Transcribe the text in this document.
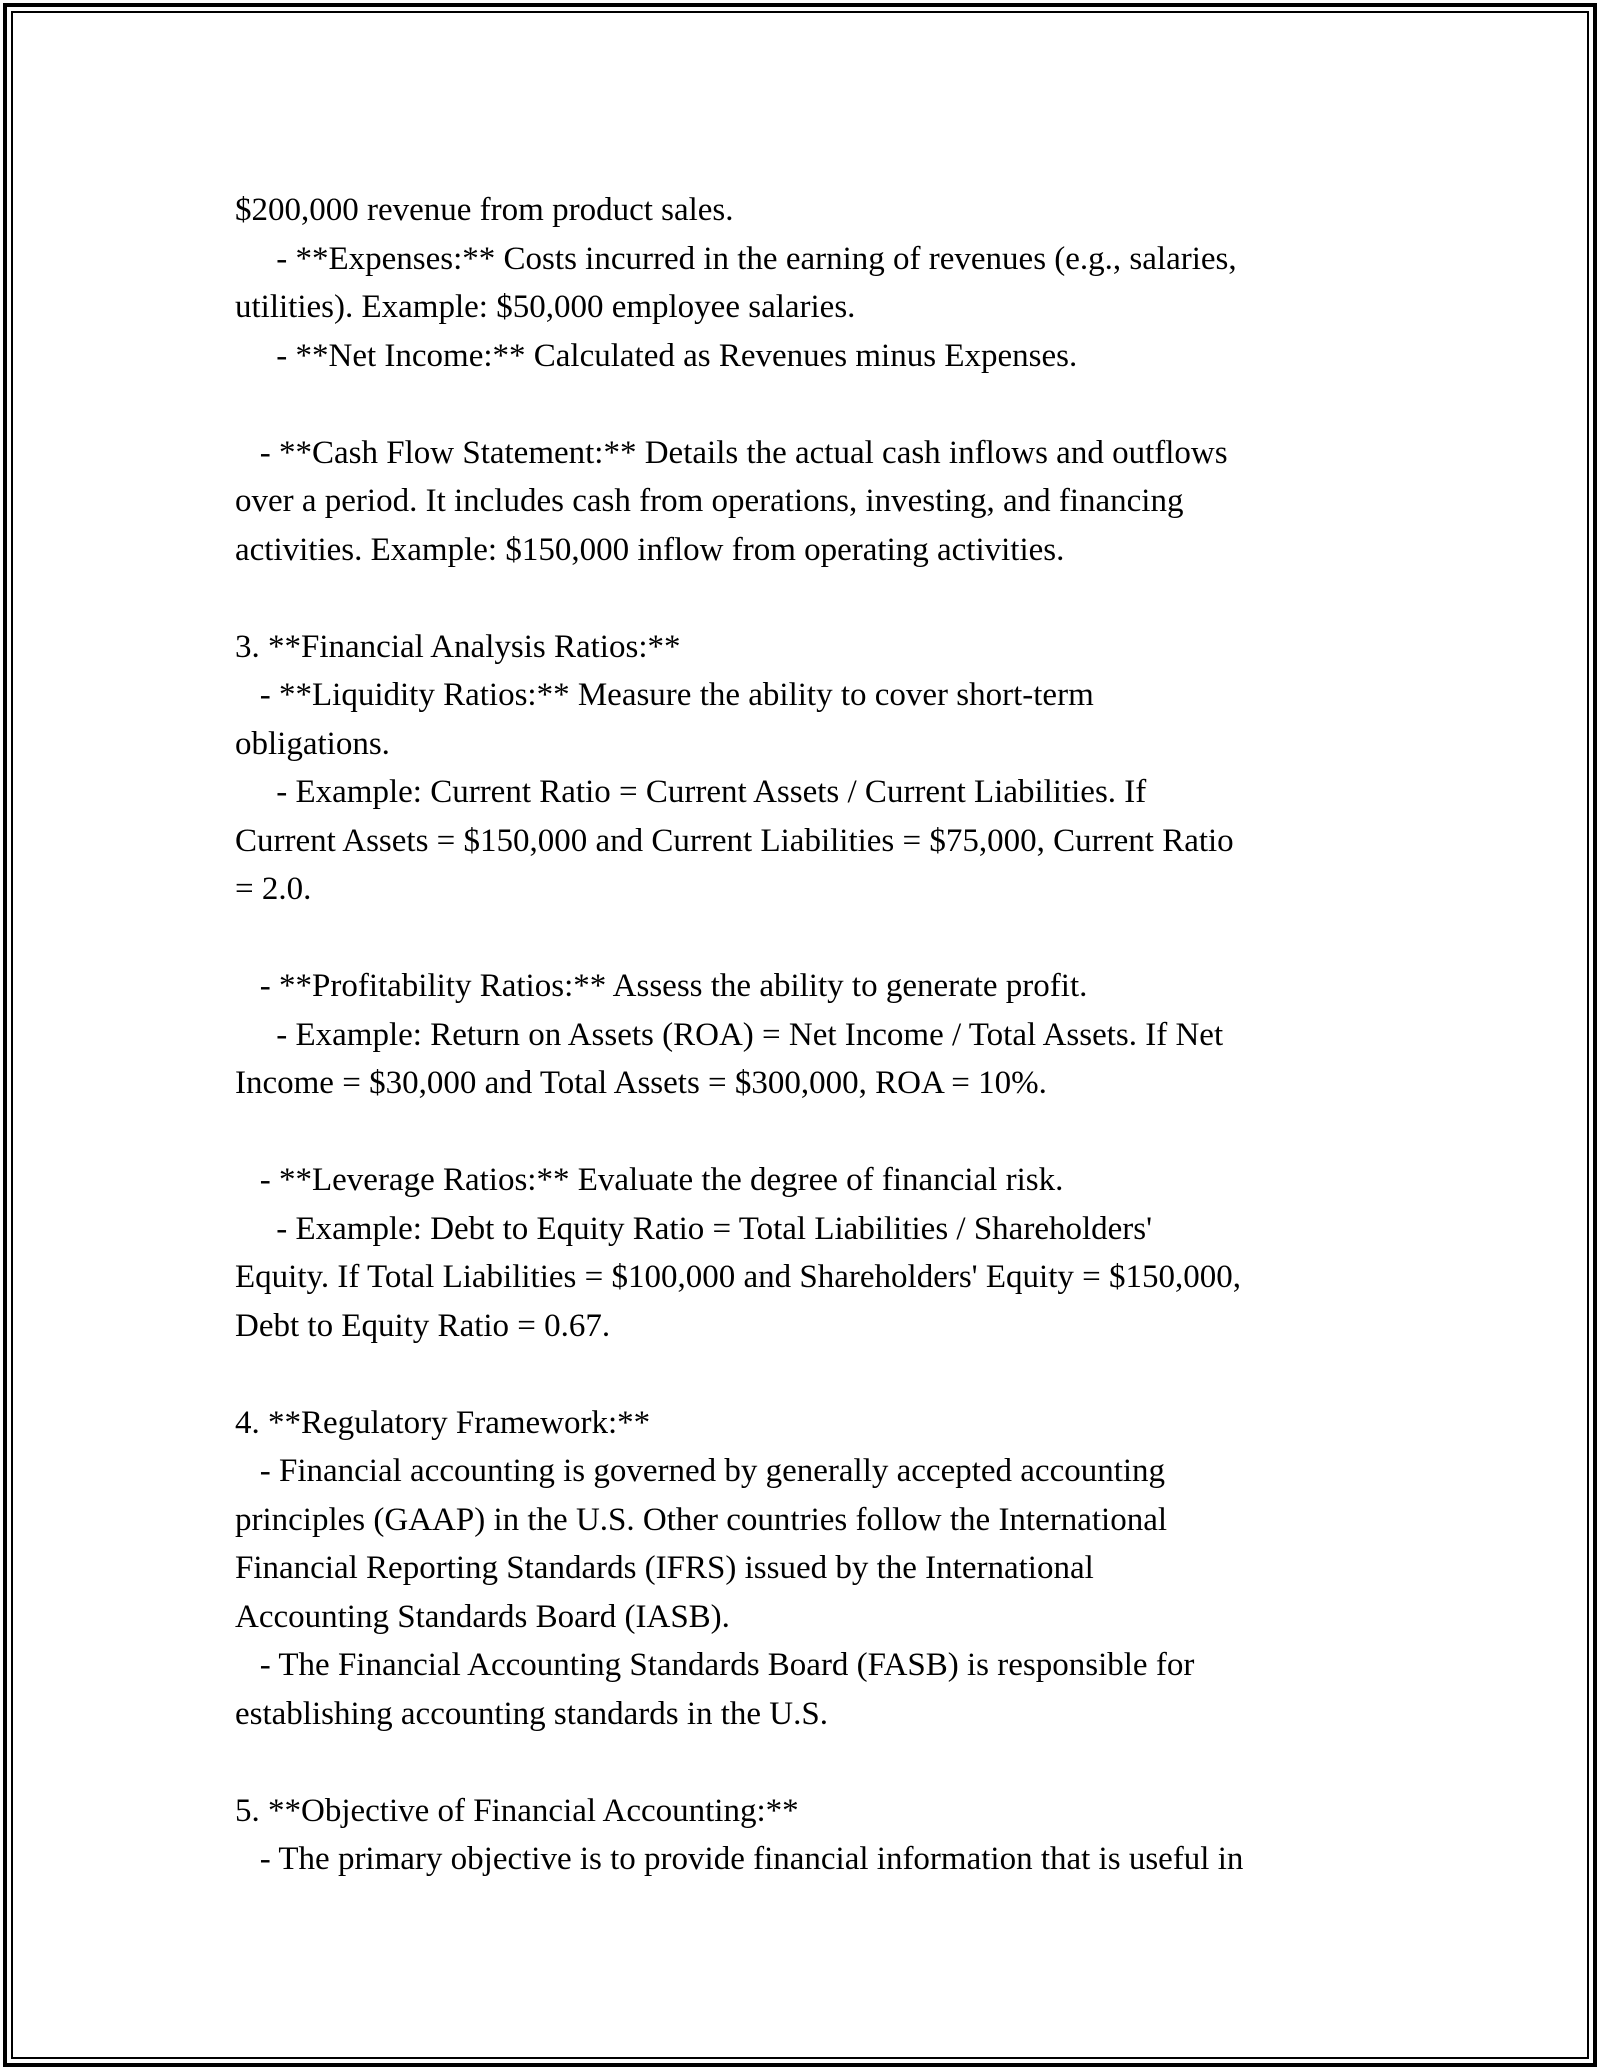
$200,000 revenue from product sales.
- **Expenses:** Costs incurred in the earning of revenues (e.g., salaries,
utilities). Example: $50,000 employee salaries.
- **Net Income:** Calculated as Revenues minus Expenses.
- **Cash Flow Statement:** Details the actual cash inflows and outflows
over a period. It includes cash from operations, investing, and financing
activities. Example: $150,000 inflow from operating activities.
3. **Financial Analysis Ratios:**
- **Liquidity Ratios:** Measure the ability to cover short-term
obligations.
- Example: Current Ratio = Current Assets / Current Liabilities. If
Current Assets = $150,000 and Current Liabilities = $75,000, Current Ratio
= 2.0.
- **Profitability Ratios:** Assess the ability to generate profit.
- Example: Return on Assets (ROA) = Net Income / Total Assets. If Net
Income = $30,000 and Total Assets = $300,000, ROA = 10%.
- **Leverage Ratios:** Evaluate the degree of financial risk.
- Example: Debt to Equity Ratio = Total Liabilities / Shareholders'
Equity. If Total Liabilities = $100,000 and Shareholders' Equity = $150,000,
Debt to Equity Ratio = 0.67.
4. **Regulatory Framework:**
- Financial accounting is governed by generally accepted accounting
principles (GAAP) in the U.S. Other countries follow the International
Financial Reporting Standards (IFRS) issued by the International
Accounting Standards Board (IASB).
- The Financial Accounting Standards Board (FASB) is responsible for
establishing accounting standards in the U.S.
5. **Objective of Financial Accounting:**
- The primary objective is to provide financial information that is useful in
